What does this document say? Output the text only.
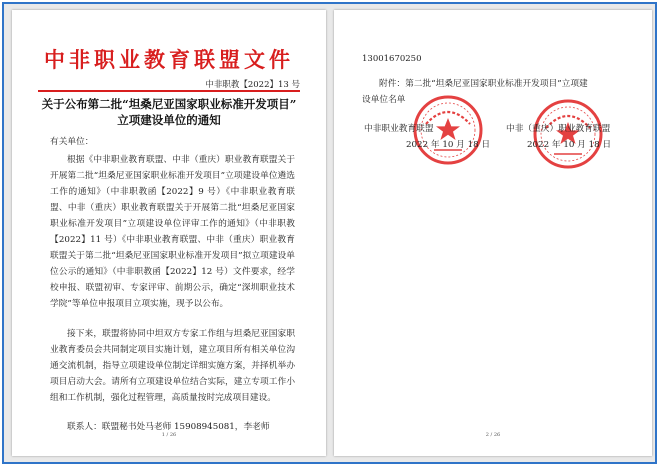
中非职业教育联盟文件
中非职教【2022】13 号
关于公布第二批“坦桑尼亚国家职业标准开发项目”
立项建设单位的通知
有关单位：
根据《中非职业教育联盟、中非（重庆）职业教育联盟关于开展第二批“坦桑尼亚国家职业标准开发项目”立项建设单位遴选工作的通知》（中非职教函【2022】9 号）《中非职业教育联盟、中非（重庆）职业教育联盟关于开展第二批“坦桑尼亚国家职业标准开发项目”立项建设单位评审工作的通知》（中非职教【2022】11 号）《中非职业教育联盟、中非（重庆）职业教育联盟关于第二批“坦桑尼亚国家职业标准开发项目”拟立项建设单位公示的通知》（中非职教函【2022】12 号）文件要求，经学校申报、联盟初审、专家评审、前期公示，确定“深圳职业技术学院”等单位申报项目立项实施，现予以公布。
接下来，联盟将协同中坦双方专家工作组与坦桑尼亚国家职业教育委员会共同制定项目实施计划，建立项目所有相关单位沟通交流机制，指导立项建设单位制定详细实施方案，并择机举办项目启动大会。请所有立项建设单位结合实际，建立专项工作小组和工作机制，强化过程管理，高质量按时完成项目建设。
联系人：联盟秘书处马老师 15908945081，李老师
1 / 26
13001670250
附件：第二批“坦桑尼亚国家职业标准开发项目”立项建设单位名单
中非职业教育联盟	中非（重庆）职业教育联盟
2022 年 10 月 18 日	2022 年 10 月 18 日
2 / 26
